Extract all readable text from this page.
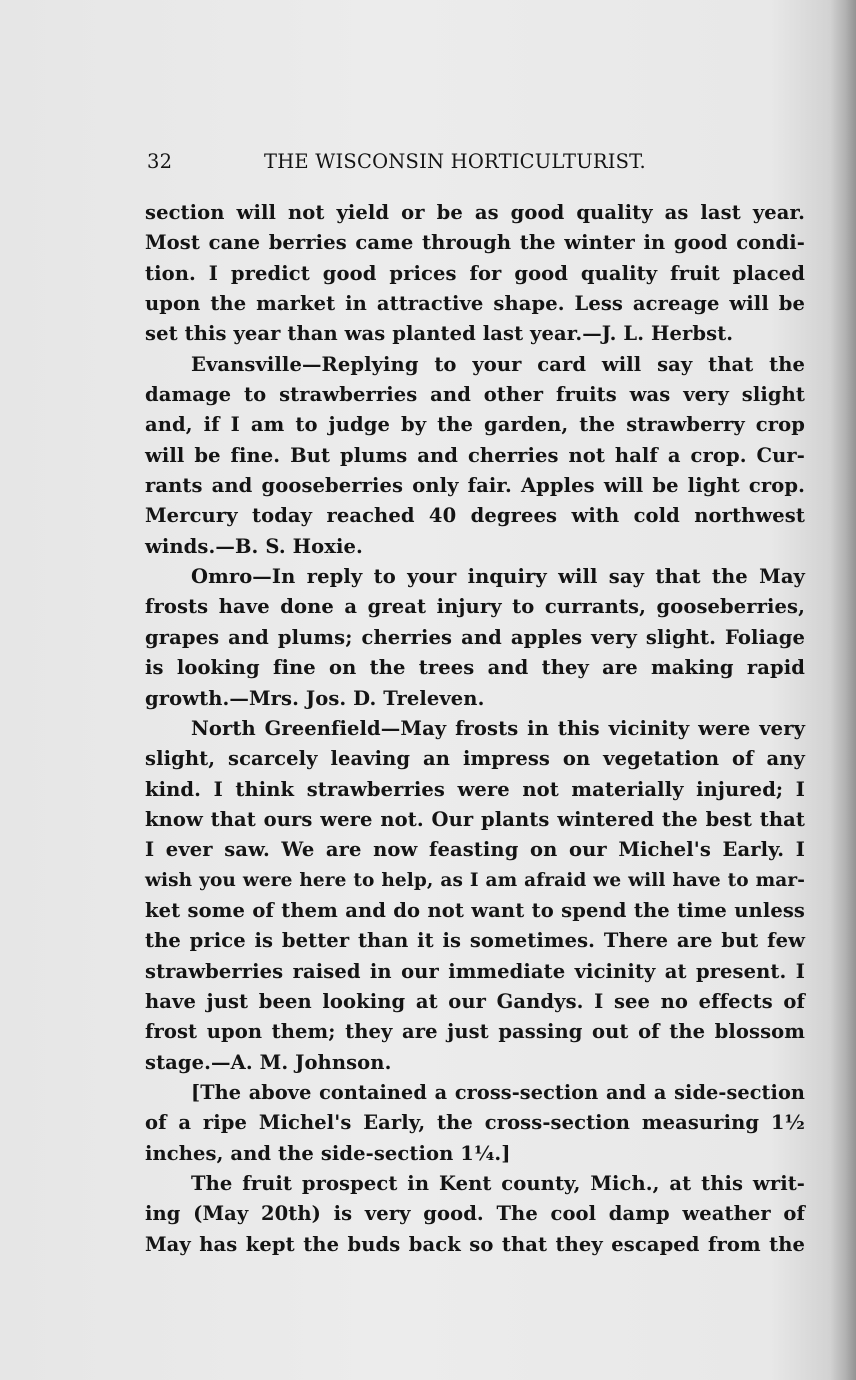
32	THE WISCONSIN HORTICULTURIST.
section will not yield or be as good quality as last year.
Most cane berries came through the winter in good condi-
tion. I predict good prices for good quality fruit placed
upon the market in attractive shape. Less acreage will be
set this year than was planted last year.—J. L. Herbst.
Evansville—Replying to your card will say that the
damage to strawberries and other fruits was very slight
and, if I am to judge by the garden, the strawberry crop
will be fine. But plums and cherries not half a crop. Cur-
rants and gooseberries only fair. Apples will be light crop.
Mercury today reached 40 degrees with cold northwest
winds.—B. S. Hoxie.
Omro—In reply to your inquiry will say that the May
frosts have done a great injury to currants, gooseberries,
grapes and plums; cherries and apples very slight. Foliage
is looking fine on the trees and they are making rapid
growth.—Mrs. Jos. D. Treleven.
North Greenfield—May frosts in this vicinity were very
slight, scarcely leaving an impress on vegetation of any
kind. I think strawberries were not materially injured; I
know that ours were not. Our plants wintered the best that
I ever saw. We are now feasting on our Michel's Early. I
wish you were here to help, as I am afraid we will have to mar-
ket some of them and do not want to spend the time unless
the price is better than it is sometimes. There are but few
strawberries raised in our immediate vicinity at present. I
have just been looking at our Gandys. I see no effects of
frost upon them; they are just passing out of the blossom
stage.—A. M. Johnson.
[The above contained a cross-section and a side-section
of a ripe Michel's Early, the cross-section measuring 1½
inches, and the side-section 1¼.]
The fruit prospect in Kent county, Mich., at this writ-
ing (May 20th) is very good. The cool damp weather of
May has kept the buds back so that they escaped from the
